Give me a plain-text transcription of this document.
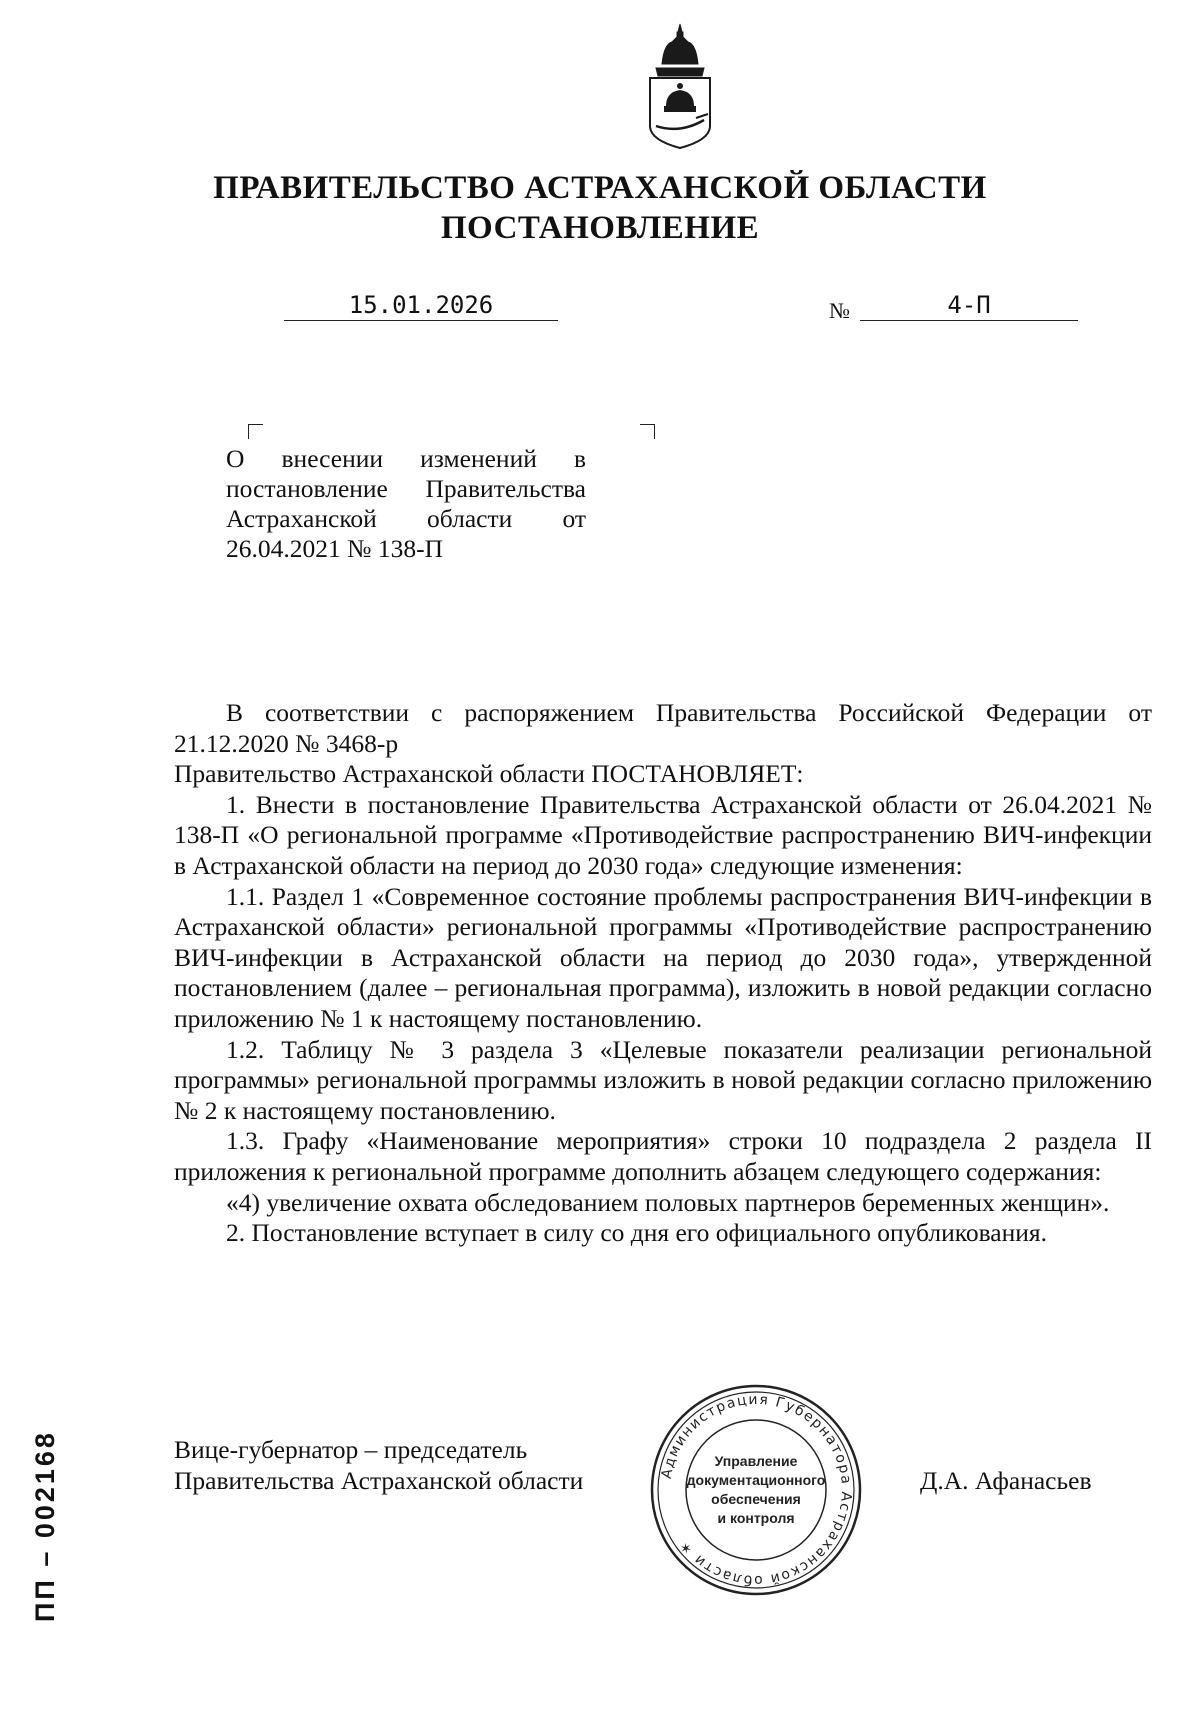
ПРАВИТЕЛЬСТВО АСТРАХАНСКОЙ ОБЛАСТИ
ПОСТАНОВЛЕНИЕ
15.01.2026	№	4-П
О внесении изменений в
постановление Правительства
Астраханской области от
26.04.2021 № 138-П

В соответствии с распоряжением Правительства Российской Федерации от 21.12.2020 № 3468-р

Правительство Астраханской области ПОСТАНОВЛЯЕТ:

1. Внести в постановление Правительства Астраханской области от 26.04.2021 № 138-П «О региональной программе «Противодействие распространению ВИЧ-инфекции в Астраханской области на период до 2030 года» следующие изменения:

1.1. Раздел 1 «Современное состояние проблемы распространения ВИЧ-инфекции в Астраханской области» региональной программы «Противодействие распространению ВИЧ-инфекции в Астраханской области на период до 2030 года», утвержденной постановлением (далее – региональная программа), изложить в новой редакции согласно приложению № 1 к настоящему постановлению.

1.2. Таблицу № 3 раздела 3 «Целевые показатели реализации региональной программы» региональной программы изложить в новой редакции согласно приложению № 2 к настоящему постановлению.

1.3. Графу «Наименование мероприятия» строки 10 подраздела 2 раздела II приложения к региональной программе дополнить абзацем следующего содержания:

«4) увеличение охвата обследованием половых партнеров беременных женщин».

2. Постановление вступает в силу со дня его официального опубликования.

Вице-губернатор – председатель
Правительства Астраханской области	Д.А. Афанасьев
Администрация Губернатора Астраханской области ✶
Управление
документационного
обеспечения
и контроля
ПП – 002168
